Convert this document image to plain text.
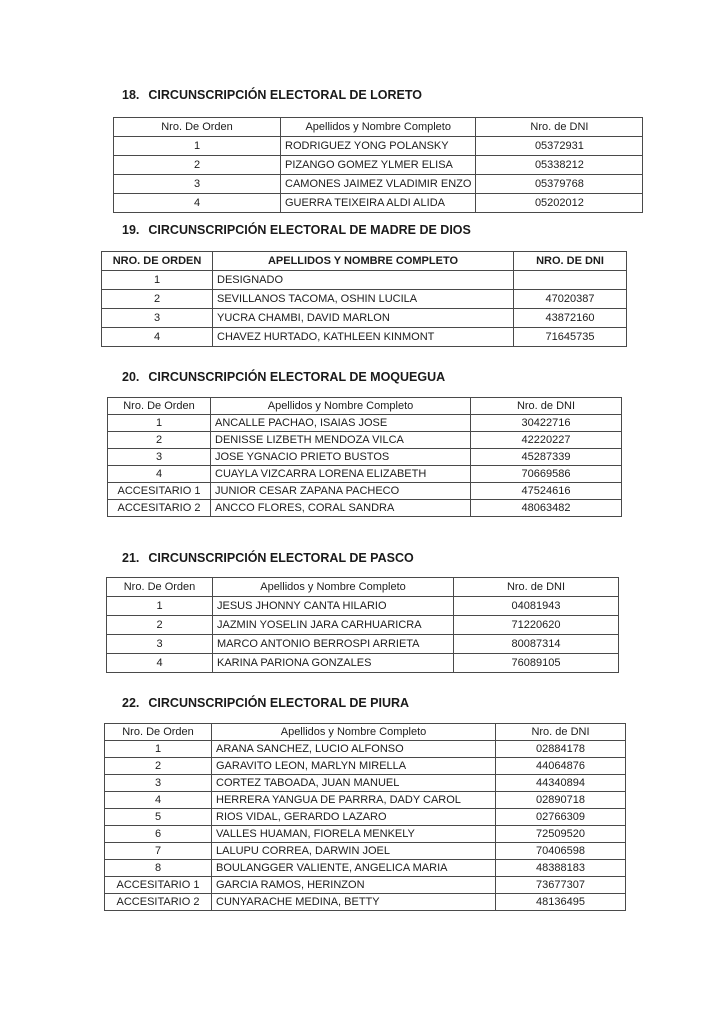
18. CIRCUNSCRIPCIÓN ELECTORAL DE LORETO
Nro. De Orden	Apellidos y Nombre Completo	Nro. de DNI
1	RODRIGUEZ YONG POLANSKY	05372931
2	PIZANGO GOMEZ YLMER ELISA	05338212
3	CAMONES JAIMEZ VLADIMIR ENZO	05379768
4	GUERRA TEIXEIRA ALDI ALIDA	05202012
19. CIRCUNSCRIPCIÓN ELECTORAL DE MADRE DE DIOS
NRO. DE ORDEN	APELLIDOS Y NOMBRE COMPLETO	NRO. DE DNI
1	DESIGNADO	
2	SEVILLANOS TACOMA, OSHIN LUCILA	47020387
3	YUCRA CHAMBI, DAVID MARLON	43872160
4	CHAVEZ HURTADO, KATHLEEN KINMONT	71645735
20. CIRCUNSCRIPCIÓN ELECTORAL DE MOQUEGUA
Nro. De Orden	Apellidos y Nombre Completo	Nro. de DNI
1	ANCALLE PACHAO, ISAIAS JOSE	30422716
2	DENISSE LIZBETH MENDOZA VILCA	42220227
3	JOSE YGNACIO PRIETO BUSTOS	45287339
4	CUAYLA VIZCARRA LORENA ELIZABETH	70669586
ACCESITARIO 1	JUNIOR CESAR ZAPANA PACHECO	47524616
ACCESITARIO 2	ANCCO FLORES, CORAL SANDRA	48063482
21. CIRCUNSCRIPCIÓN ELECTORAL DE PASCO
Nro. De Orden	Apellidos y Nombre Completo	Nro. de DNI
1	JESUS JHONNY CANTA HILARIO	04081943
2	JAZMIN YOSELIN JARA CARHUARICRA	71220620
3	MARCO ANTONIO BERROSPI ARRIETA	80087314
4	KARINA PARIONA GONZALES	76089105
22. CIRCUNSCRIPCIÓN ELECTORAL DE PIURA
Nro. De Orden	Apellidos y Nombre Completo	Nro. de DNI
1	ARANA SANCHEZ, LUCIO ALFONSO	02884178
2	GARAVITO LEON, MARLYN MIRELLA	44064876
3	CORTEZ TABOADA, JUAN MANUEL	44340894
4	HERRERA YANGUA DE PARRRA, DADY CAROL	02890718
5	RIOS VIDAL, GERARDO LAZARO	02766309
6	VALLES HUAMAN, FIORELA MENKELY	72509520
7	LALUPU CORREA, DARWIN JOEL	70406598
8	BOULANGGER VALIENTE, ANGELICA MARIA	48388183
ACCESITARIO 1	GARCIA RAMOS, HERINZON	73677307
ACCESITARIO 2	CUNYARACHE MEDINA, BETTY	48136495
